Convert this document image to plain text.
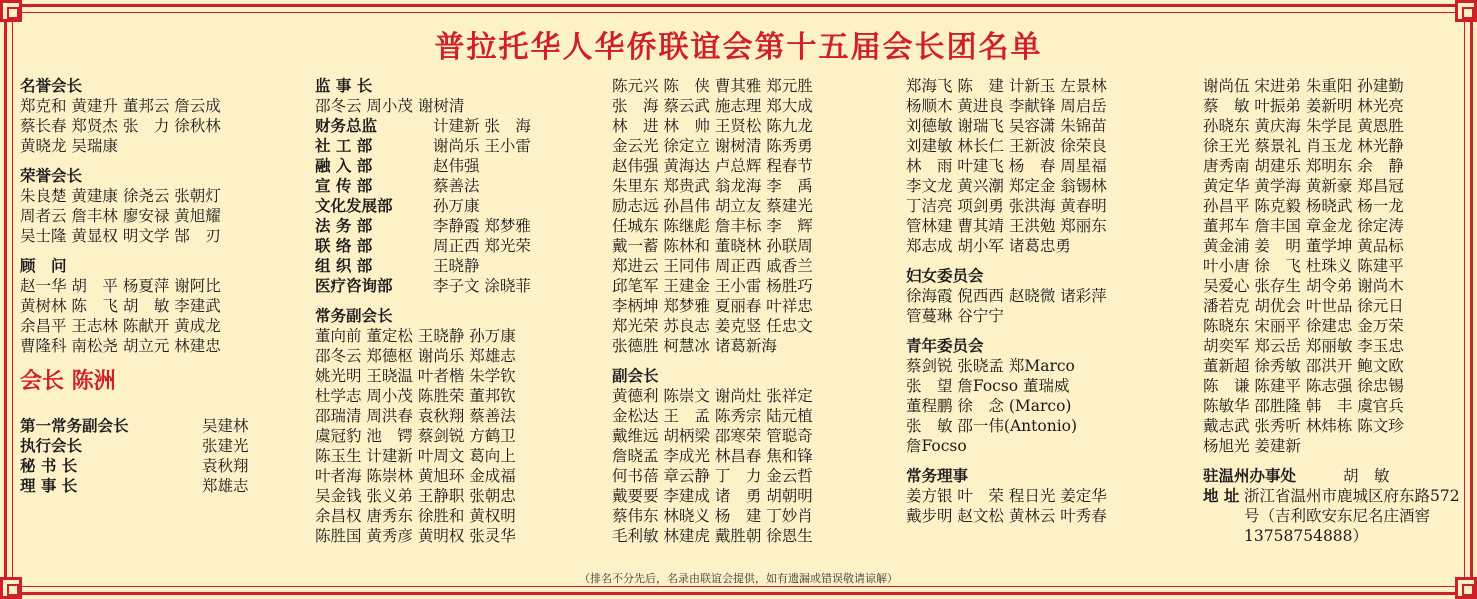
普拉托华人华侨联谊会第十五届会长团名单
名誉会长
郑克和 黄建升 董邦云 詹云成
蔡长春 郑贤杰 张　力 徐秋林
黄晓龙 吴瑞康
荣誉会长
朱良楚 黄建康 徐尧云 张朝灯
周者云 詹丰林 廖安禄 黄旭耀
吴士隆 黄显权 明文学 郜　刃
顾　问
赵一华 胡　平 杨夏萍 谢阿比
黄树林 陈　飞 胡　敏 李建武
余昌平 王志林 陈献开 黄成龙
曹隆科 南松尧 胡立元 林建忠
会长 陈洲
第一常务副会长	吴建林
执行会长	张建光
秘 书 长	袁秋翔
理 事 长	郑雄志
监 事 长
邵冬云 周小茂 谢树清
财务总监	计建新 张　海
社 工 部	谢尚乐 王小雷
融 入 部	赵伟强
宣 传 部	蔡善法
文化发展部	孙万康
法 务 部	李静霞 郑梦雅
联 络 部	周正西 郑光荣
组 织 部	王晓静
医疗咨询部	李子文 涂晓菲
常务副会长
董向前 董定松 王晓静 孙万康
邵冬云 郑德枢 谢尚乐 郑雄志
姚光明 王晓温 叶者楷 朱学钦
杜学志 周小茂 陈胜荣 董邦钦
邵瑞清 周洪春 袁秋翔 蔡善法
虞冠豹 池　锷 蔡剑锐 方鹤卫
陈玉生 计建新 叶周文 葛向上
叶者海 陈崇林 黄旭环 金成福
吴金钱 张义弟 王静职 张朝忠
余昌权 唐秀东 徐胜和 黄权明
陈胜国 黄秀彦 黄明权 张灵华
陈元兴 陈　侠 曹其雅 郑元胜
张　海 蔡云武 施志理 郑大成
林　进 林　帅 王贤松 陈九龙
金云光 徐定立 谢树清 陈秀勇
赵伟强 黄海达 卢总辉 程春节
朱里东 郑贵武 翁龙海 李　禹
励志远 孙昌伟 胡立友 蔡建光
任城东 陈继彪 詹丰标 李　辉
戴一蓄 陈林和 董晓林 孙联周
郑进云 王同伟 周正西 戚香兰
邱笔军 王建金 王小雷 杨胜巧
李柄坤 郑梦雅 夏丽春 叶祥忠
郑光荣 苏良志 姜克竖 任忠文
张德胜 柯慧冰 诸葛新海
副会长
黄德利 陈崇文 谢尚灶 张祥定
金松达 王　孟 陈秀宗 陆元植
戴维远 胡柄梁 邵寒荣 管聪奇
詹晓孟 李成光 林昌春 焦和锋
何书蓓 章云静 丁　力 金云哲
戴要要 李建成 诸　勇 胡朝明
蔡伟东 林晓义 杨　建 丁妙肖
毛利敏 林建虎 戴胜朝 徐恩生
郑海飞 陈　建 计新玉 左景林
杨顺木 黄进良 李献锋 周启岳
刘德敏 谢瑞飞 吴容潇 朱锦苗
刘建敏 林长仁 王新波 徐荣良
林　雨 叶建飞 杨　春 周星福
李文龙 黄兴潮 郑定金 翁锡林
丁洁亮 项剑勇 张洪海 黄春明
管林建 曹其靖 王洪勉 郑丽东
郑志成 胡小军 诸葛忠勇
妇女委员会
徐海霞 倪西西 赵晓微 诸彩萍
管蔓琳 谷宁宁
青年委员会
蔡剑锐 张晓孟 郑Marco
张　望 詹Focso 董瑞威
董程鹏 徐　念 (Marco)
张　敏 邵一伟(Antonio)
詹Focso
常务理事
姜方银 叶　荣 程日光 姜定华
戴步明 赵文松 黄林云 叶秀春
谢尚伍 宋进弟 朱重阳 孙建勤
蔡　敏 叶振弟 姜新明 林光亮
孙晓东 黄庆海 朱学昆 黄恩胜
徐王光 蔡景礼 肖玉龙 林光静
唐秀南 胡建乐 郑明东 余　静
黄定华 黄学海 黄新豪 郑昌冠
孙昌平 陈克毅 杨晓武 杨一龙
董邦车 詹丰国 章金龙 徐定涛
黄金浦 姜　明 董学坤 黄品标
叶小唐 徐　飞 杜珠义 陈建平
吴爱心 张存生 胡令弟 谢尚木
潘若克 胡优会 叶世品 徐元日
陈晓东 宋丽平 徐建忠 金万荣
胡奕军 郑云岳 郑丽敏 李玉忠
董新超 徐秀敏 邵洪开 鲍文欧
陈　谦 陈建平 陈志强 徐忠锡
陈敏华 邵胜隆 韩　丰 虞官兵
戴志武 张秀听 林炜栋 陈文珍
杨旭光 姜建新
驻温州办事处	胡　敏
地 址 浙江省温州市鹿城区府东路572号（吉利欧安东尼名庄酒窖13758754888）
（排名不分先后，名录由联谊会提供，如有遗漏或错误敬请谅解）
